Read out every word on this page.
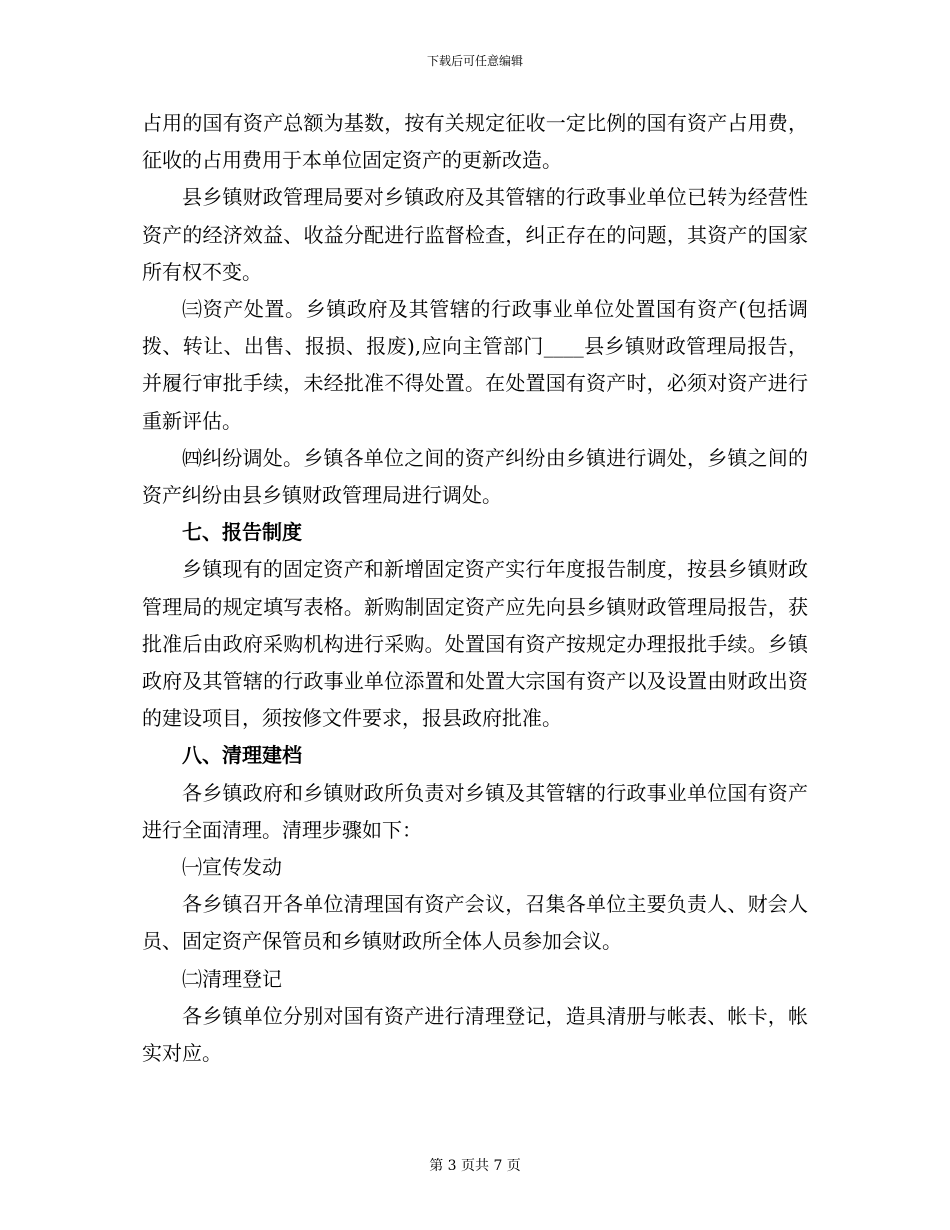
下载后可任意编辑

占用的国有资产总额为基数，按有关规定征收一定比例的国有资产占用费，征收的占用费用于本单位固定资产的更新改造。

县乡镇财政管理局要对乡镇政府及其管辖的行政事业单位已转为经营性资产的经济效益、收益分配进行监督检查，纠正存在的问题，其资产的国家所有权不变。

㈢资产处置。乡镇政府及其管辖的行政事业单位处置国有资产(包括调拨、转让、出售、报损、报废),应向主管部门____县乡镇财政管理局报告，并履行审批手续，未经批准不得处置。在处置国有资产时，必须对资产进行重新评估。

㈣纠纷调处。乡镇各单位之间的资产纠纷由乡镇进行调处，乡镇之间的资产纠纷由县乡镇财政管理局进行调处。

七、报告制度

乡镇现有的固定资产和新增固定资产实行年度报告制度，按县乡镇财政管理局的规定填写表格。新购制固定资产应先向县乡镇财政管理局报告，获批准后由政府采购机构进行采购。处置国有资产按规定办理报批手续。乡镇政府及其管辖的行政事业单位添置和处置大宗国有资产以及设置由财政出资的建设项目，须按修文件要求，报县政府批准。

八、清理建档

各乡镇政府和乡镇财政所负责对乡镇及其管辖的行政事业单位国有资产进行全面清理。清理步骤如下：

㈠宣传发动

各乡镇召开各单位清理国有资产会议，召集各单位主要负责人、财会人员、固定资产保管员和乡镇财政所全体人员参加会议。

㈡清理登记

各乡镇单位分别对国有资产进行清理登记，造具清册与帐表、帐卡，帐实对应。

第 3 页共 7 页
